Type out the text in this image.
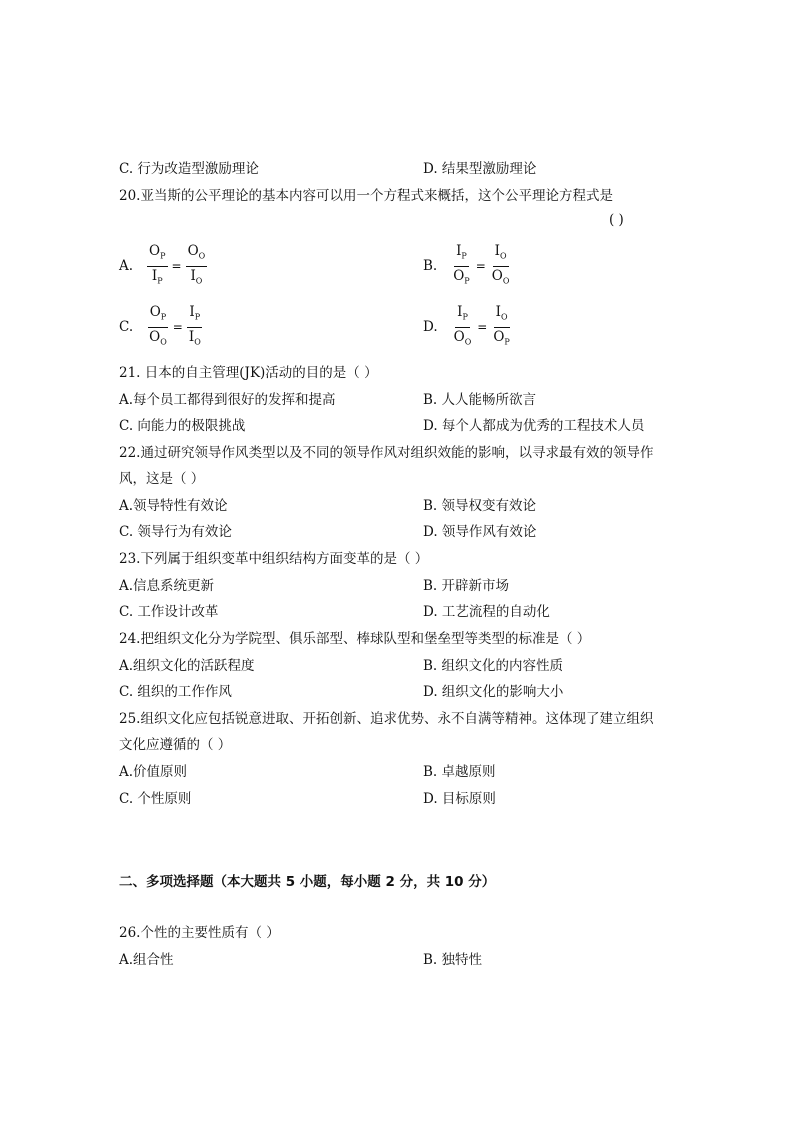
C. 行为改造型激励理论	D. 结果型激励理论
20.亚当斯的公平理论的基本内容可以用一个方程式来概括，这个公平理论方程式是
( )
A. $\frac{O_P}{I_P} = \frac{O_O}{I_O}$	B. $\frac{I_P}{O_P} = \frac{I_O}{O_O}$
C. $\frac{O_P}{O_O} = \frac{I_P}{I_O}$	D. $\frac{I_P}{O_O} = \frac{I_O}{O_P}$
21. 日本的自主管理(JK)活动的目的是（ ）
A.每个员工都得到很好的发挥和提高	B. 人人能畅所欲言
C. 向能力的极限挑战	D. 每个人都成为优秀的工程技术人员
22.通过研究领导作风类型以及不同的领导作风对组织效能的影响，以寻求最有效的领导作
风，这是（ ）
A.领导特性有效论	B. 领导权变有效论
C. 领导行为有效论	D. 领导作风有效论
23.下列属于组织变革中组织结构方面变革的是（ ）
A.信息系统更新	B. 开辟新市场
C. 工作设计改革	D. 工艺流程的自动化
24.把组织文化分为学院型、俱乐部型、棒球队型和堡垒型等类型的标准是（ ）
A.组织文化的活跃程度	B. 组织文化的内容性质
C. 组织的工作作风	D. 组织文化的影响大小
25.组织文化应包括锐意进取、开拓创新、追求优势、永不自满等精神。这体现了建立组织
文化应遵循的（ ）
A.价值原则	B. 卓越原则
C. 个性原则	D. 目标原则
二、多项选择题（本大题共 5 小题，每小题 2 分，共 10 分）
26.个性的主要性质有（ ）
A.组合性	B. 独特性
